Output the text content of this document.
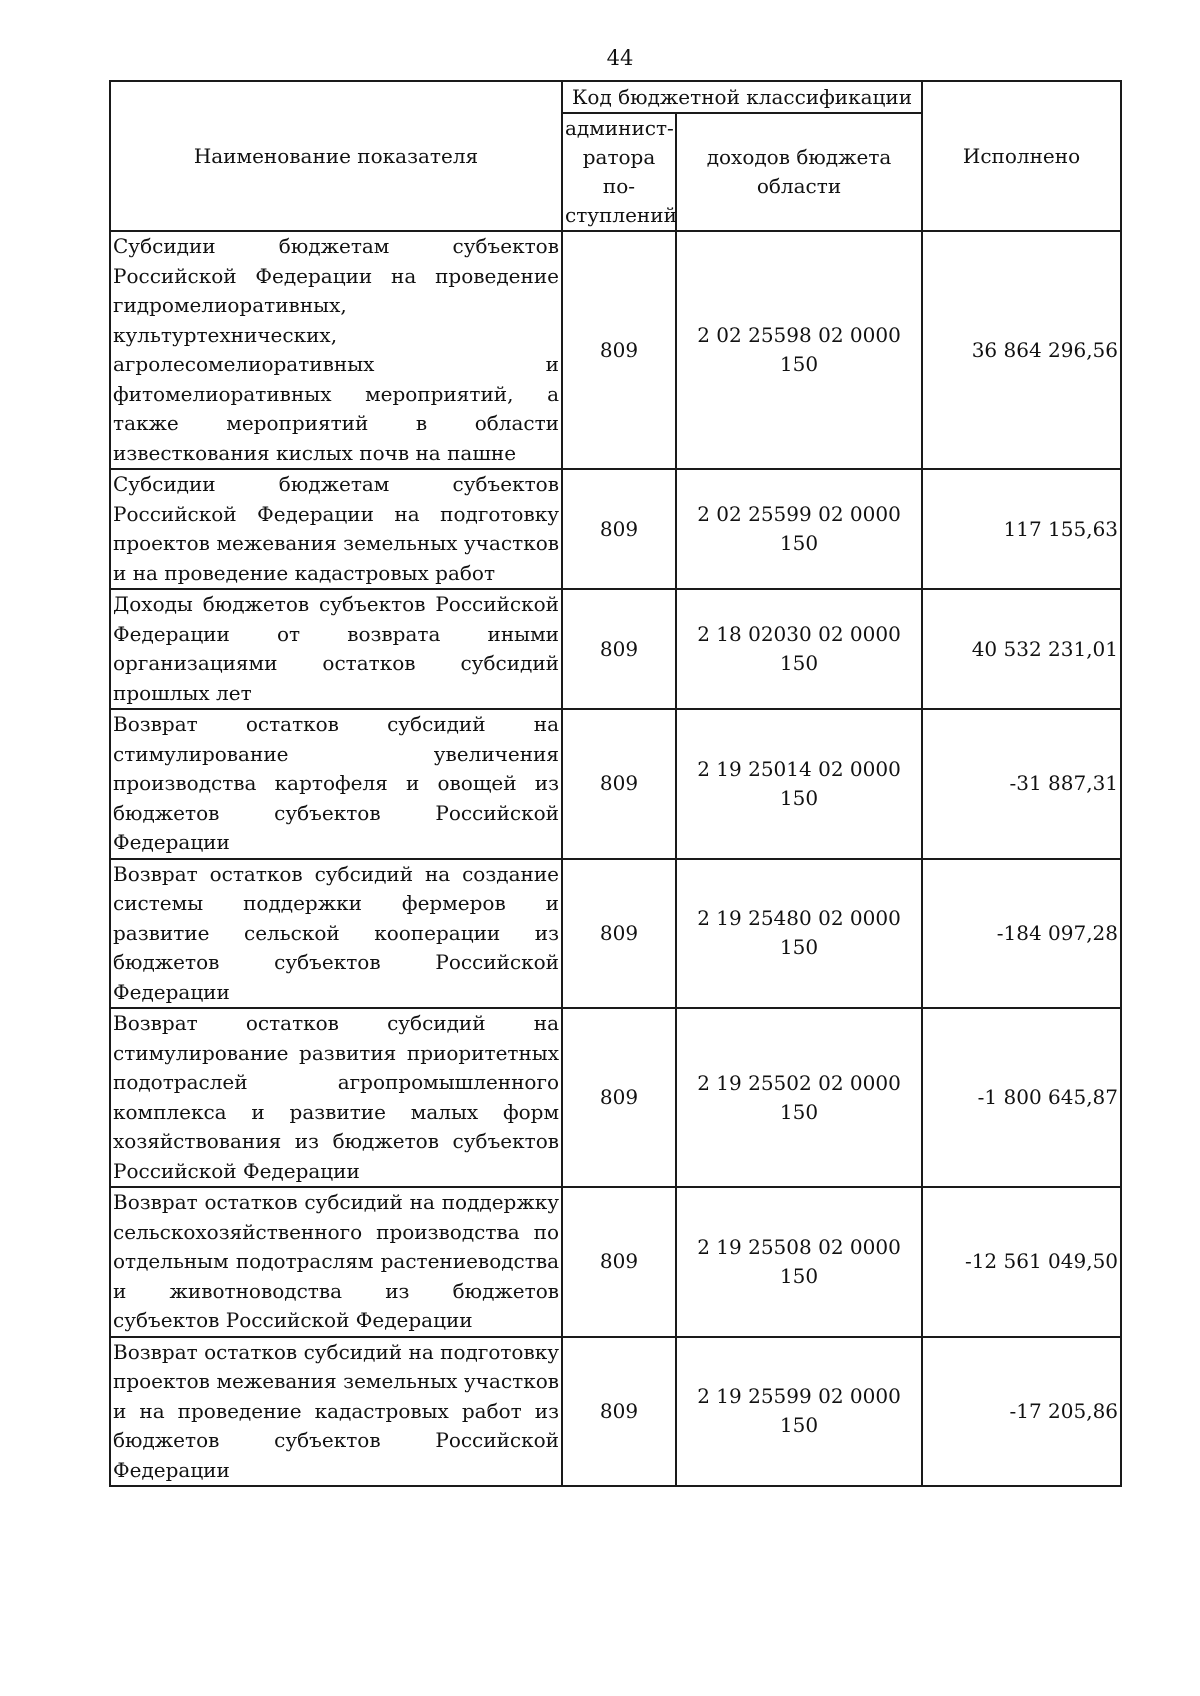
44
Наименование показателя	Код бюджетной классификации		Исполнено
	админист- ратора по- ступлений	доходов бюджета области	
Субсидии бюджетам субъектов Российской Федерации на проведение гидромелиоративных, культуртехнических, агролесомелиоративных и фитомелиоративных мероприятий, а также мероприятий в области известкования кислых почв на пашне	809	2 02 25598 02 0000 150	36 864 296,56
Субсидии бюджетам субъектов Российской Федерации на подготовку проектов межевания земельных участков и на проведение кадастровых работ	809	2 02 25599 02 0000 150	117 155,63
Доходы бюджетов субъектов Российской Федерации от возврата иными организациями остатков субсидий прошлых лет	809	2 18 02030 02 0000 150	40 532 231,01
Возврат остатков субсидий на стимулирование увеличения производства картофеля и овощей из бюджетов субъектов Российской Федерации	809	2 19 25014 02 0000 150	-31 887,31
Возврат остатков субсидий на создание системы поддержки фермеров и развитие сельской кооперации из бюджетов субъектов Российской Федерации	809	2 19 25480 02 0000 150	-184 097,28
Возврат остатков субсидий на стимулирование развития приоритетных подотраслей агропромышленного комплекса и развитие малых форм хозяйствования из бюджетов субъектов Российской Федерации	809	2 19 25502 02 0000 150	-1 800 645,87
Возврат остатков субсидий на поддержку сельскохозяйственного производства по отдельным подотраслям растениеводства и животноводства из бюджетов субъектов Российской Федерации	809	2 19 25508 02 0000 150	-12 561 049,50
Возврат остатков субсидий на подготовку проектов межевания земельных участков и на проведение кадастровых работ из бюджетов субъектов Российской Федерации	809	2 19 25599 02 0000 150	-17 205,86
